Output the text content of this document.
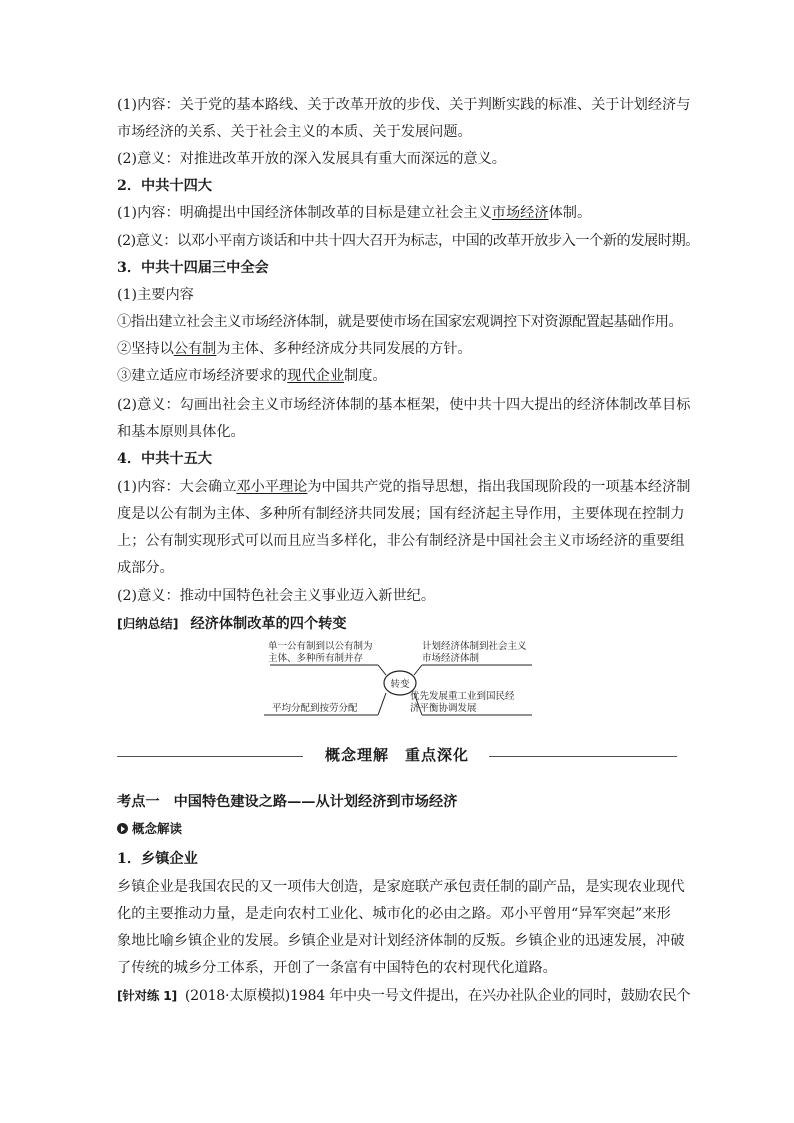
(1)内容：关于党的基本路线、关于改革开放的步伐、关于判断实践的标准、关于计划经济与
市场经济的关系、关于社会主义的本质、关于发展问题。
(2)意义：对推进改革开放的深入发展具有重大而深远的意义。
2．中共十四大
(1)内容：明确提出中国经济体制改革的目标是建立社会主义市场经济体制。
(2)意义：以邓小平南方谈话和中共十四大召开为标志，中国的改革开放步入一个新的发展时期。
3．中共十四届三中全会
(1)主要内容
①指出建立社会主义市场经济体制，就是要使市场在国家宏观调控下对资源配置起基础作用。
②坚持以公有制为主体、多种经济成分共同发展的方针。
③建立适应市场经济要求的现代企业制度。
(2)意义：勾画出社会主义市场经济体制的基本框架，使中共十四大提出的经济体制改革目标
和基本原则具体化。
4．中共十五大
(1)内容：大会确立邓小平理论为中国共产党的指导思想，指出我国现阶段的一项基本经济制
度是以公有制为主体、多种所有制经济共同发展；国有经济起主导作用，主要体现在控制力
上；公有制实现形式可以而且应当多样化，非公有制经济是中国社会主义市场经济的重要组
成部分。
(2)意义：推动中国特色社会主义事业迈入新世纪。
[归纳总结] 经济体制改革的四个转变
转变
单一公有制到以公有制为
主体、多种所有制并存
计划经济体制到社会主义
市场经济体制
平均分配到按劳分配
优先发展重工业到国民经
济平衡协调发展
概念理解　重点深化
考点一 中国特色建设之路——从计划经济到市场经济
概念解读
1．乡镇企业
乡镇企业是我国农民的又一项伟大创造，是家庭联产承包责任制的副产品，是实现农业现代
化的主要推动力量，是走向农村工业化、城市化的必由之路。邓小平曾用“异军突起”来形
象地比喻乡镇企业的发展。乡镇企业是对计划经济体制的反叛。乡镇企业的迅速发展，冲破
了传统的城乡分工体系，开创了一条富有中国特色的农村现代化道路。
[针对练 1] (2018·太原模拟)1984 年中央一号文件提出，在兴办社队企业的同时，鼓励农民个
